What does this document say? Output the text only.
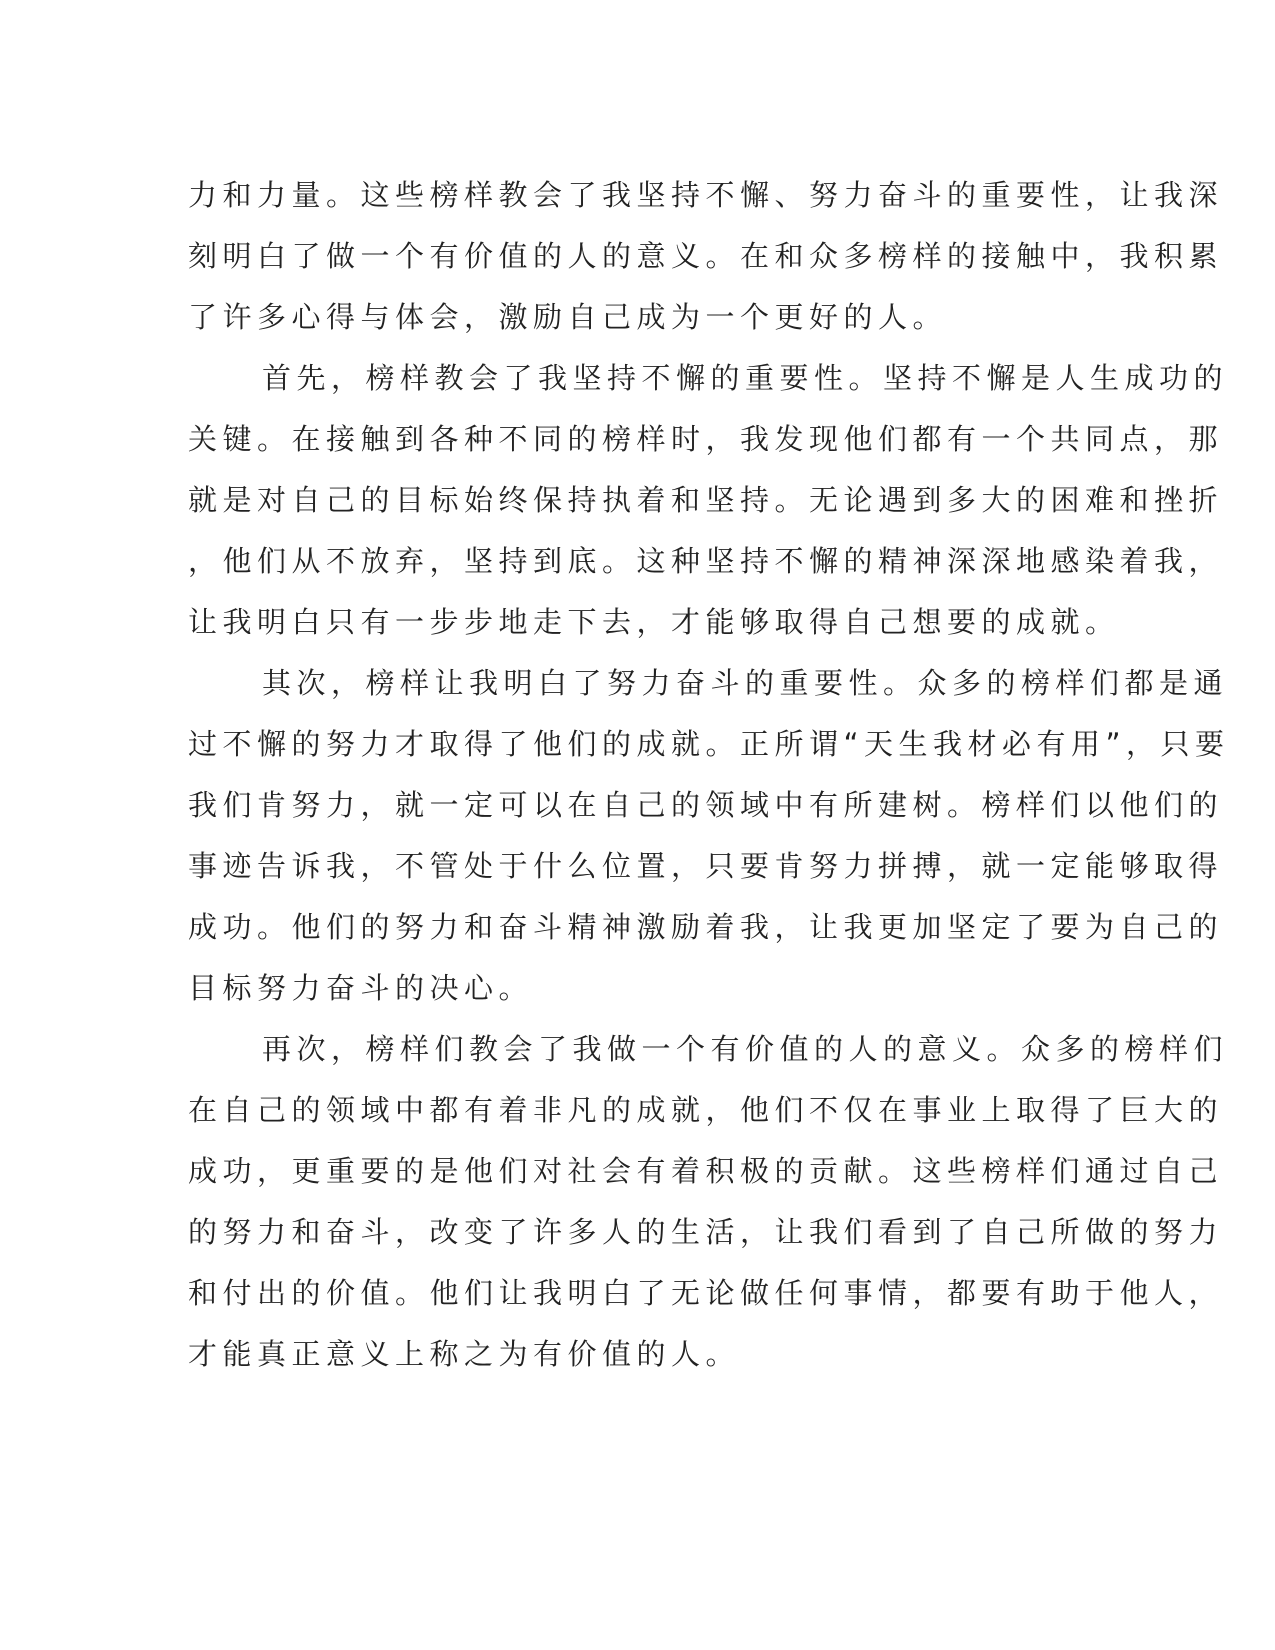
力和力量。这些榜样教会了我坚持不懈、努力奋斗的重要性，让我深
刻明白了做一个有价值的人的意义。在和众多榜样的接触中，我积累
了许多心得与体会，激励自己成为一个更好的人。
首先，榜样教会了我坚持不懈的重要性。坚持不懈是人生成功的
关键。在接触到各种不同的榜样时，我发现他们都有一个共同点，那
就是对自己的目标始终保持执着和坚持。无论遇到多大的困难和挫折
，他们从不放弃，坚持到底。这种坚持不懈的精神深深地感染着我，
让我明白只有一步步地走下去，才能够取得自己想要的成就。
其次，榜样让我明白了努力奋斗的重要性。众多的榜样们都是通
过不懈的努力才取得了他们的成就。正所谓“天生我材必有用”，只要
我们肯努力，就一定可以在自己的领域中有所建树。榜样们以他们的
事迹告诉我，不管处于什么位置，只要肯努力拼搏，就一定能够取得
成功。他们的努力和奋斗精神激励着我，让我更加坚定了要为自己的
目标努力奋斗的决心。
再次，榜样们教会了我做一个有价值的人的意义。众多的榜样们
在自己的领域中都有着非凡的成就，他们不仅在事业上取得了巨大的
成功，更重要的是他们对社会有着积极的贡献。这些榜样们通过自己
的努力和奋斗，改变了许多人的生活，让我们看到了自己所做的努力
和付出的价值。他们让我明白了无论做任何事情，都要有助于他人，
才能真正意义上称之为有价值的人。
